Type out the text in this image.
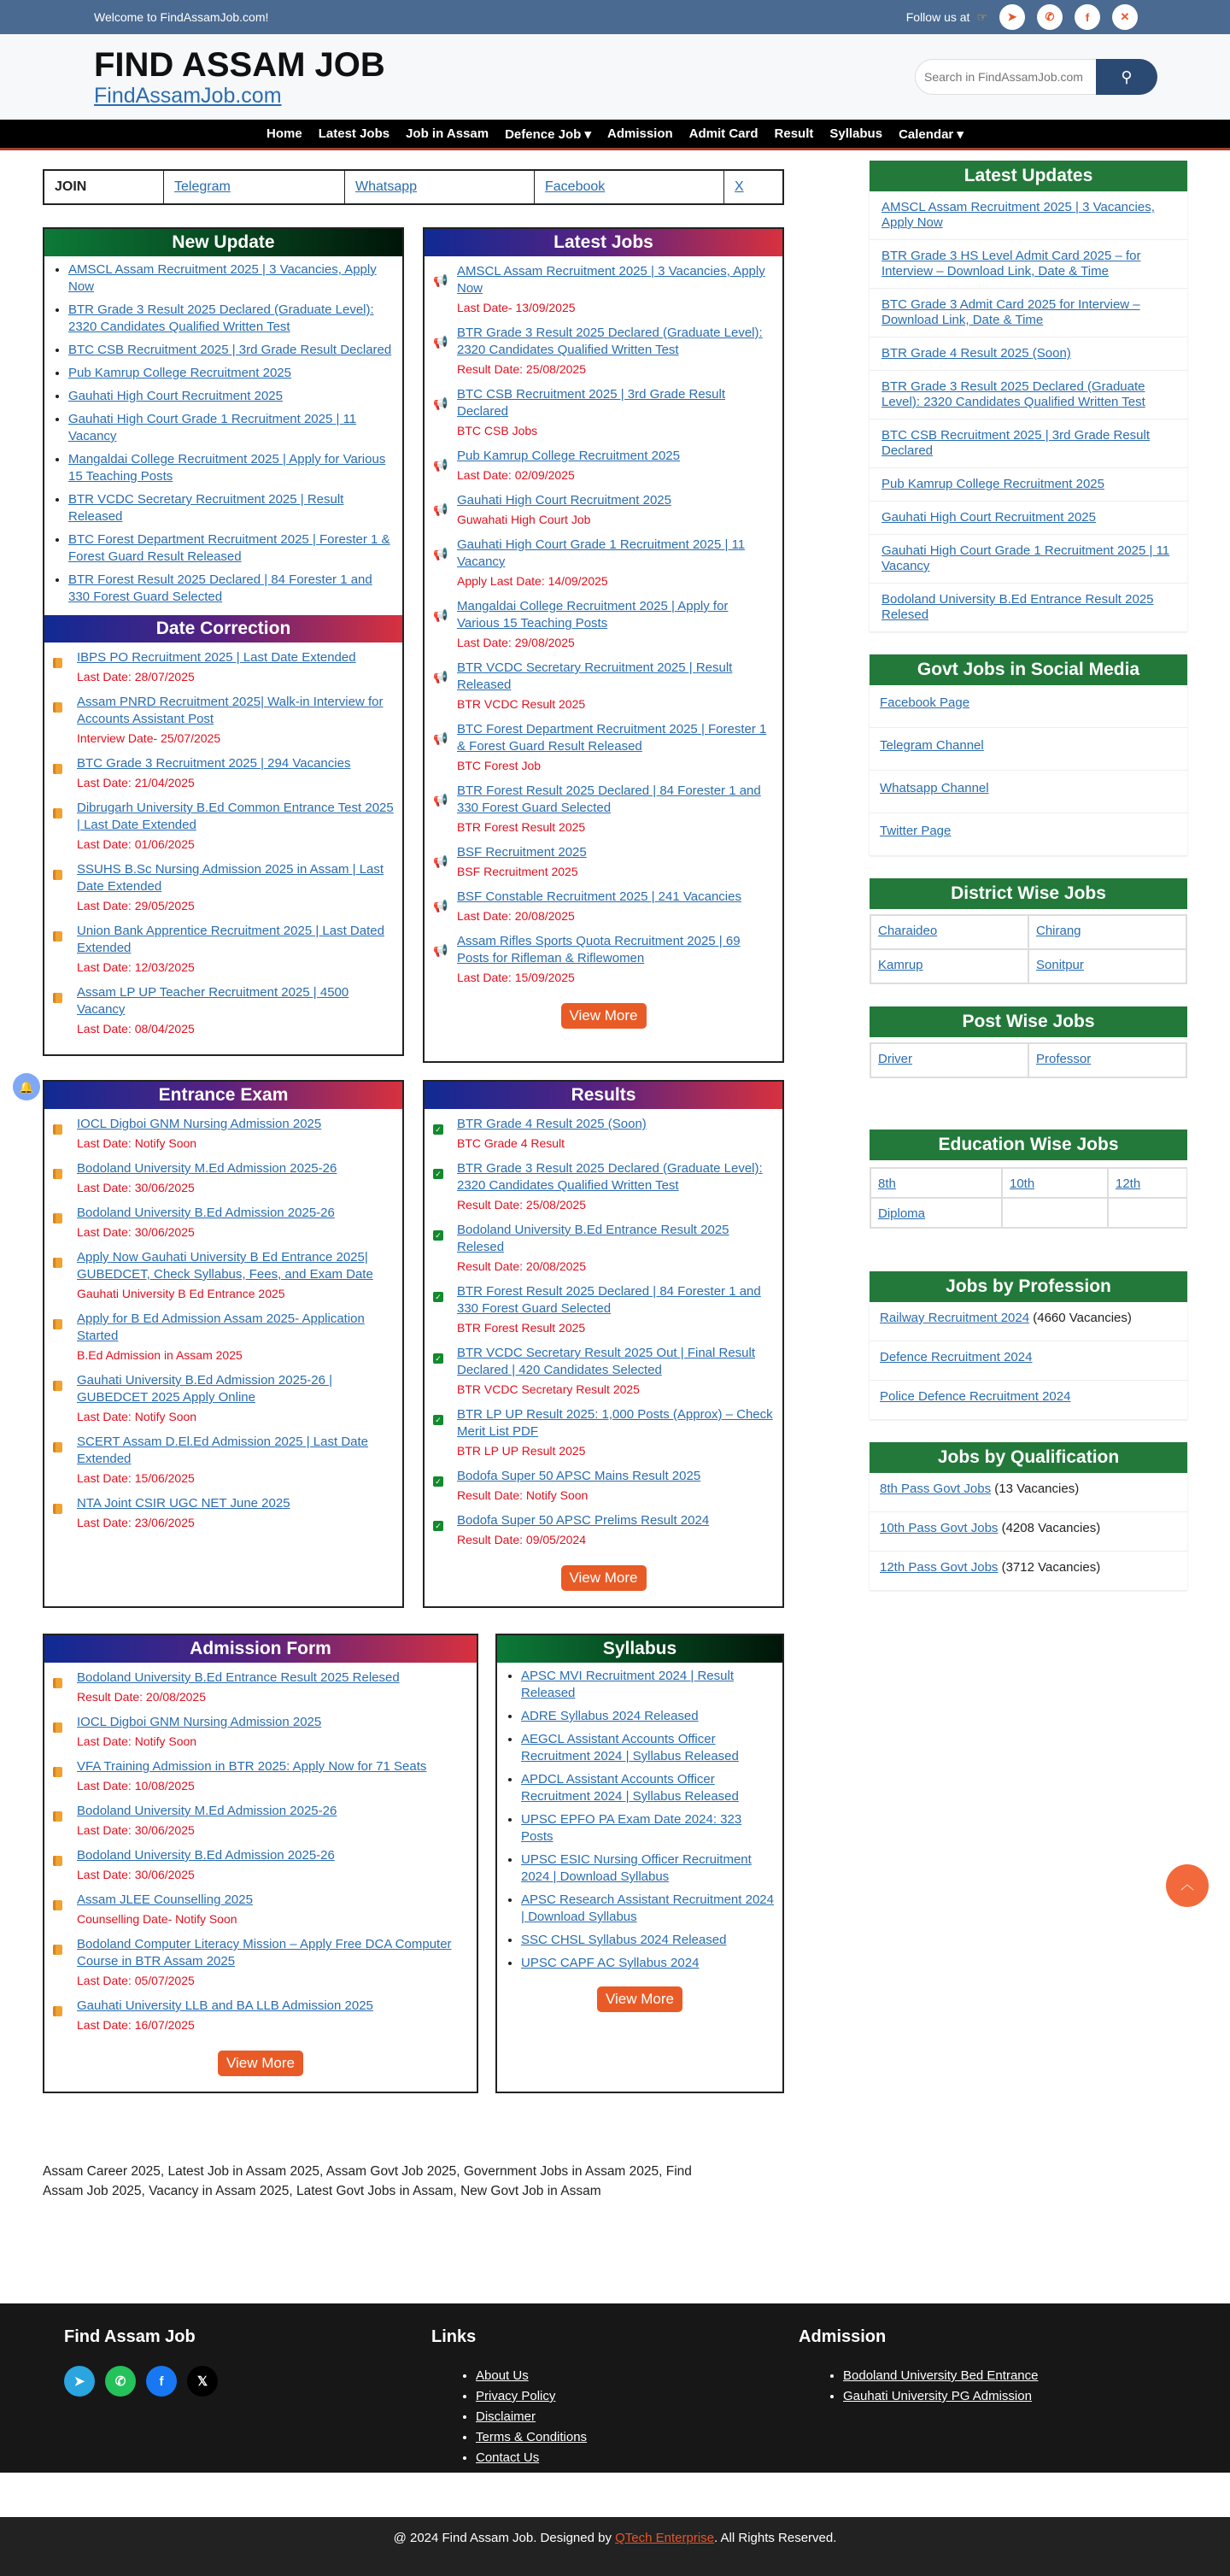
Welcome to FindAssamJob.com!	Follow us at ☞	➤	✆	f	✕
FIND ASSAM JOB
FindAssamJob.com
Search in FindAssamJob.com
⚲
Home Latest Jobs Job in Assam Defence Job ▾ Admission Admit Card Result Syllabus Calendar ▾
JOIN	Telegram	Whatsapp	Facebook	X
New Update
• AMSCL Assam Recruitment 2025 | 3 Vacancies, Apply Now
• BTR Grade 3 Result 2025 Declared (Graduate Level): 2320 Candidates Qualified Written Test
• BTC CSB Recruitment 2025 | 3rd Grade Result Declared
• Pub Kamrup College Recruitment 2025
• Gauhati High Court Recruitment 2025
• Gauhati High Court Grade 1 Recruitment 2025 | 11 Vacancy
• Mangaldai College Recruitment 2025 | Apply for Various 15 Teaching Posts
• BTR VCDC Secretary Recruitment 2025 | Result Released
• BTC Forest Department Recruitment 2025 | Forester 1 & Forest Guard Result Released
• BTR Forest Result 2025 Declared | 84 Forester 1 and 330 Forest Guard Selected
Date Correction
IBPS PO Recruitment 2025 | Last Date Extended
Last Date: 28/07/2025
Assam PNRD Recruitment 2025| Walk-in Interview for Accounts Assistant Post
Interview Date- 25/07/2025
BTC Grade 3 Recruitment 2025 | 294 Vacancies
Last Date: 21/04/2025
Dibrugarh University B.Ed Common Entrance Test 2025 | Last Date Extended
Last Date: 01/06/2025
SSUHS B.Sc Nursing Admission 2025 in Assam | Last Date Extended
Last Date: 29/05/2025
Union Bank Apprentice Recruitment 2025 | Last Dated Extended
Last Date: 12/03/2025
Assam LP UP Teacher Recruitment 2025 | 4500 Vacancy
Last Date: 08/04/2025
Latest Jobs
📢
AMSCL Assam Recruitment 2025 | 3 Vacancies, Apply Now
Last Date- 13/09/2025
📢
BTR Grade 3 Result 2025 Declared (Graduate Level): 2320 Candidates Qualified Written Test
Result Date: 25/08/2025
📢
BTC CSB Recruitment 2025 | 3rd Grade Result Declared
BTC CSB Jobs
📢
Pub Kamrup College Recruitment 2025
Last Date: 02/09/2025
📢
Gauhati High Court Recruitment 2025
Guwahati High Court Job
📢
Gauhati High Court Grade 1 Recruitment 2025 | 11 Vacancy
Apply Last Date: 14/09/2025
📢
Mangaldai College Recruitment 2025 | Apply for Various 15 Teaching Posts
Last Date: 29/08/2025
📢
BTR VCDC Secretary Recruitment 2025 | Result Released
BTR VCDC Result 2025
📢
BTC Forest Department Recruitment 2025 | Forester 1 & Forest Guard Result Released
BTC Forest Job
📢
BTR Forest Result 2025 Declared | 84 Forester 1 and 330 Forest Guard Selected
BTR Forest Result 2025
📢
BSF Recruitment 2025
BSF Recruitment 2025
📢
BSF Constable Recruitment 2025 | 241 Vacancies
Last Date: 20/08/2025
📢
Assam Rifles Sports Quota Recruitment 2025 | 69 Posts for Rifleman & Riflewomen
Last Date: 15/09/2025
View More
Entrance Exam
IOCL Digboi GNM Nursing Admission 2025
Last Date: Notify Soon
Bodoland University M.Ed Admission 2025-26
Last Date: 30/06/2025
Bodoland University B.Ed Admission 2025-26
Last Date: 30/06/2025
Apply Now Gauhati University B Ed Entrance 2025| GUBEDCET, Check Syllabus, Fees, and Exam Date
Gauhati University B Ed Entrance 2025
Apply for B Ed Admission Assam 2025- Application Started
B.Ed Admission in Assam 2025
Gauhati University B.Ed Admission 2025-26 | GUBEDCET 2025 Apply Online
Last Date: Notify Soon
SCERT Assam D.El.Ed Admission 2025 | Last Date Extended
Last Date: 15/06/2025
NTA Joint CSIR UGC NET June 2025
Last Date: 23/06/2025
Results
✓	BTR Grade 4 Result 2025 (Soon)
BTC Grade 4 Result
✓	BTR Grade 3 Result 2025 Declared (Graduate Level): 2320 Candidates Qualified Written Test
Result Date: 25/08/2025
✓	Bodoland University B.Ed Entrance Result 2025 Relesed
Result Date: 20/08/2025
✓	BTR Forest Result 2025 Declared | 84 Forester 1 and 330 Forest Guard Selected
BTR Forest Result 2025
✓	BTR VCDC Secretary Result 2025 Out | Final Result Declared | 420 Candidates Selected
BTR VCDC Secretary Result 2025
✓	BTR LP UP Result 2025: 1,000 Posts (Approx) – Check Merit List PDF
BTR LP UP Result 2025
✓	Bodofa Super 50 APSC Mains Result 2025
Result Date: Notify Soon
✓	Bodofa Super 50 APSC Prelims Result 2024
Result Date: 09/05/2024
View More
Admission Form
Bodoland University B.Ed Entrance Result 2025 Relesed
Result Date: 20/08/2025
IOCL Digboi GNM Nursing Admission 2025
Last Date: Notify Soon
VFA Training Admission in BTR 2025: Apply Now for 71 Seats
Last Date: 10/08/2025
Bodoland University M.Ed Admission 2025-26
Last Date: 30/06/2025
Bodoland University B.Ed Admission 2025-26
Last Date: 30/06/2025
Assam JLEE Counselling 2025
Counselling Date- Notify Soon
Bodoland Computer Literacy Mission – Apply Free DCA Computer Course in BTR Assam 2025
Last Date: 05/07/2025
Gauhati University LLB and BA LLB Admission 2025
Last Date: 16/07/2025
View More
Syllabus
• APSC MVI Recruitment 2024 | Result Released
• ADRE Syllabus 2024 Released
• AEGCL Assistant Accounts Officer Recruitment 2024 | Syllabus Released
• APDCL Assistant Accounts Officer Recruitment 2024 | Syllabus Released
• UPSC EPFO PA Exam Date 2024: 323 Posts
• UPSC ESIC Nursing Officer Recruitment 2024 | Download Syllabus
• APSC Research Assistant Recruitment 2024 | Download Syllabus
• SSC CHSL Syllabus 2024 Released
• UPSC CAPF AC Syllabus 2024
View More
Latest Updates
AMSCL Assam Recruitment 2025 | 3 Vacancies, Apply Now
BTR Grade 3 HS Level Admit Card 2025 – for Interview – Download Link, Date & Time
BTC Grade 3 Admit Card 2025 for Interview – Download Link, Date & Time
BTR Grade 4 Result 2025 (Soon)
BTR Grade 3 Result 2025 Declared (Graduate Level): 2320 Candidates Qualified Written Test
BTC CSB Recruitment 2025 | 3rd Grade Result Declared
Pub Kamrup College Recruitment 2025
Gauhati High Court Recruitment 2025
Gauhati High Court Grade 1 Recruitment 2025 | 11 Vacancy
Bodoland University B.Ed Entrance Result 2025 Relesed
Govt Jobs in Social Media
Facebook Page
Telegram Channel
Whatsapp Channel
Twitter Page
District Wise Jobs
Charaideo	Chirang
Kamrup	Sonitpur
Post Wise Jobs
Driver	Professor
Education Wise Jobs
8th	10th	12th
Diploma
Jobs by Profession
Railway Recruitment 2024 (4660 Vacancies)
Defence Recruitment 2024
Police Defence Recruitment 2024
Jobs by Qualification
8th Pass Govt Jobs (13 Vacancies)
10th Pass Govt Jobs (4208 Vacancies)
12th Pass Govt Jobs (3712 Vacancies)

Assam Career 2025, Latest Job in Assam 2025, Assam Govt Job 2025, Government Jobs in Assam 2025, Find Assam Job 2025, Vacancy in Assam 2025, Latest Govt Jobs in Assam, New Govt Job in Assam

Find Assam Job
➤	✆	f	𝕏
Links
• About Us
• Privacy Policy
• Disclaimer
• Terms & Conditions
• Contact Us
Admission
• Bodoland University Bed Entrance
• Gauhati University PG Admission
@ 2024 Find Assam Job. Designed by QTech Enterprise. All Rights Reserved.
🔔
︿
